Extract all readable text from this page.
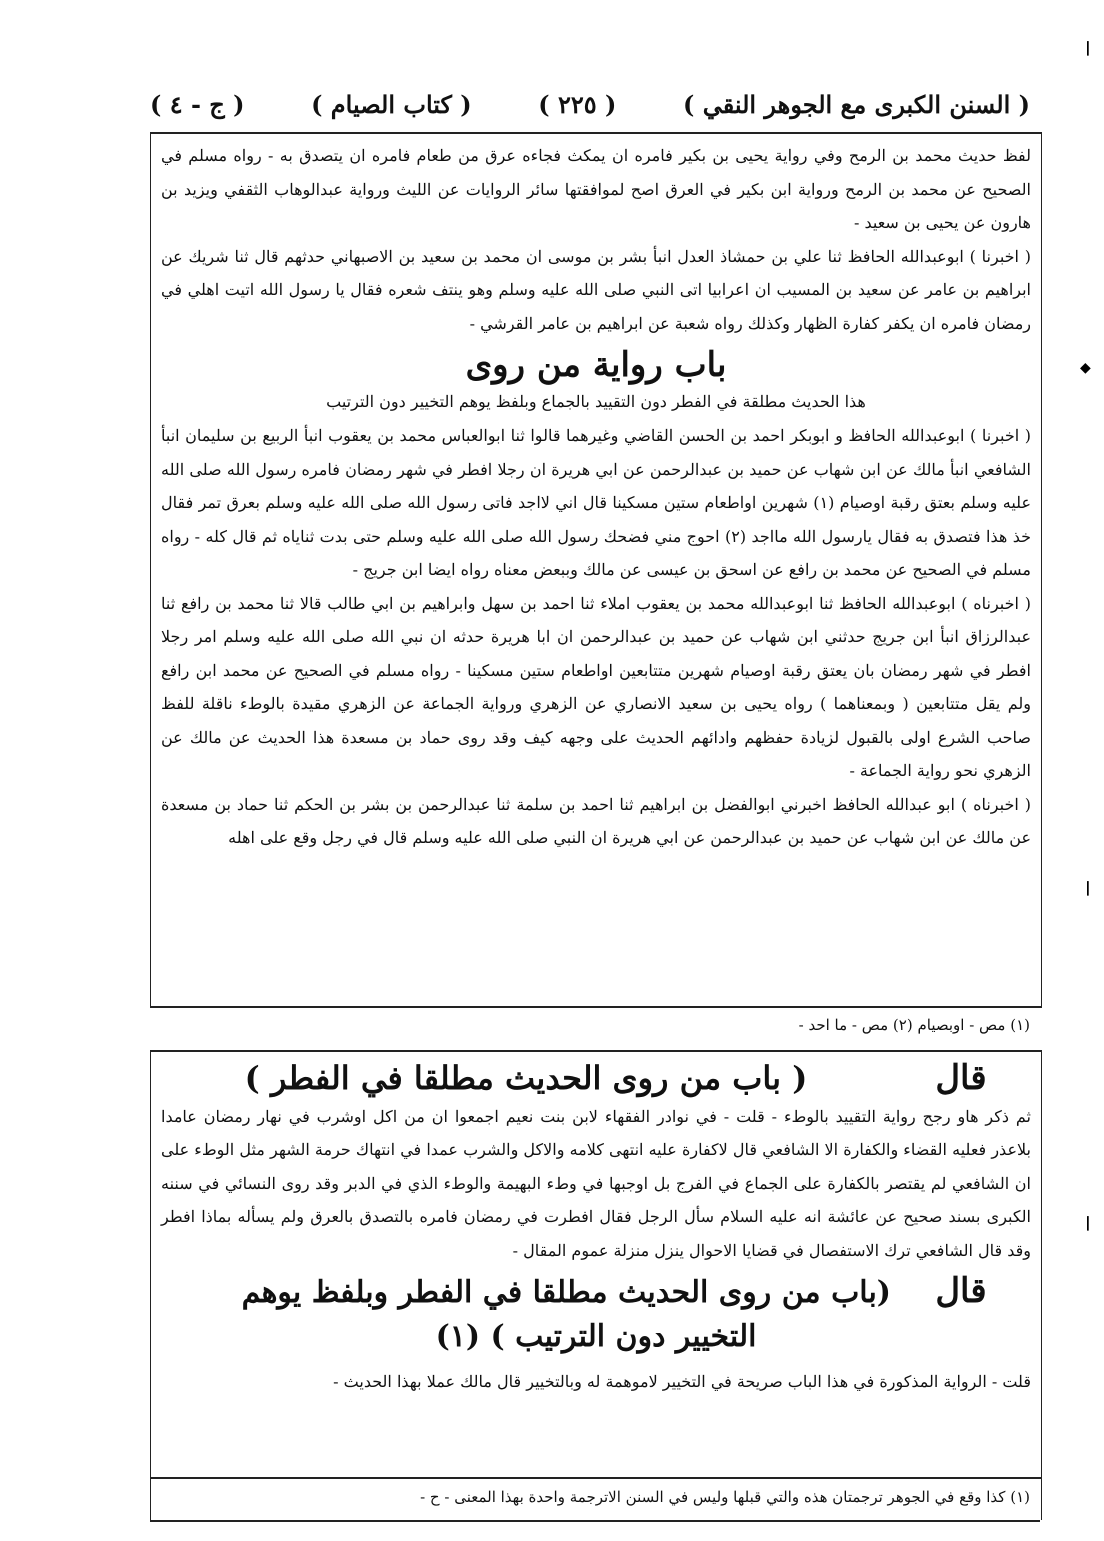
❘
◆
❘
❘
( السنن الكبرى مع الجوهر النقي )
( ٢٢٥ )
( كتاب الصيام )
( ج - ٤ )

لفظ حديث محمد بن الرمح وفي رواية يحيى بن بكير فامره ان يمكث فجاءه عرق من طعام فامره ان يتصدق به - رواه مسلم في الصحيح عن محمد بن الرمح ورواية ابن بكير في العرق اصح لموافقتها سائر الروايات عن الليث ورواية عبدالوهاب الثقفي ويزيد بن هارون عن يحيى بن سعيد -

( اخبرنا ) ابوعبدالله الحافظ ثنا علي بن حمشاذ العدل انبأ بشر بن موسى ان محمد بن سعيد بن الاصبهاني حدثهم قال ثنا شريك عن ابراهيم بن عامر عن سعيد بن المسيب ان اعرابيا اتى النبي صلى الله عليه وسلم وهو ينتف شعره فقال يا رسول الله اتيت اهلي في رمضان فامره ان يكفر كفارة الظهار وكذلك رواه شعبة عن ابراهيم بن عامر القرشي -

باب رواية من روى
هذا الحديث مطلقة في الفطر دون التقييد بالجماع وبلفظ يوهم التخيير دون الترتيب

( اخبرنا ) ابوعبدالله الحافظ و ابوبكر احمد بن الحسن القاضي وغيرهما قالوا ثنا ابوالعباس محمد بن يعقوب انبأ الربيع بن سليمان انبأ الشافعي انبأ مالك عن ابن شهاب عن حميد بن عبدالرحمن عن ابي هريرة ان رجلا افطر في شهر رمضان فامره رسول الله صلى الله عليه وسلم بعتق رقبة اوصيام (١) شهرين اواطعام ستين مسكينا قال اني لااجد فاتى رسول الله صلى الله عليه وسلم بعرق تمر فقال خذ هذا فتصدق به فقال يارسول الله مااجد (٢) احوج مني فضحك رسول الله صلى الله عليه وسلم حتى بدت ثناياه ثم قال كله - رواه مسلم في الصحيح عن محمد بن رافع عن اسحق بن عيسى عن مالك وببعض معناه رواه ايضا ابن جريج -

( اخبرناه ) ابوعبدالله الحافظ ثنا ابوعبدالله محمد بن يعقوب املاء ثنا احمد بن سهل وابراهيم بن ابي طالب قالا ثنا محمد بن رافع ثنا عبدالرزاق انبأ ابن جريج حدثني ابن شهاب عن حميد بن عبدالرحمن ان ابا هريرة حدثه ان نبي الله صلى الله عليه وسلم امر رجلا افطر في شهر رمضان بان يعتق رقبة اوصيام شهرين متتابعين اواطعام ستين مسكينا - رواه مسلم في الصحيح عن محمد ابن رافع ولم يقل متتابعين ( وبمعناهما ) رواه يحيى بن سعيد الانصاري عن الزهري ورواية الجماعة عن الزهري مقيدة بالوطء ناقلة للفظ صاحب الشرع اولى بالقبول لزيادة حفظهم وادائهم الحديث على وجهه كيف وقد روى حماد بن مسعدة هذا الحديث عن مالك عن الزهري نحو رواية الجماعة -

( اخبرناه ) ابو عبدالله الحافظ اخبرني ابوالفضل بن ابراهيم ثنا احمد بن سلمة ثنا عبدالرحمن بن بشر بن الحكم ثنا حماد بن مسعدة عن مالك عن ابن شهاب عن حميد بن عبدالرحمن عن ابي هريرة ان النبي صلى الله عليه وسلم قال في رجل وقع على اهله

(١) مص - اوبصيام (٢) مص - ما احد -
قال
( باب من روى الحديث مطلقا في الفطر )

ثم ذكر هاو رجح رواية التقييد بالوطء - قلت - في نوادر الفقهاء لابن بنت نعيم اجمعوا ان من اكل اوشرب في نهار رمضان عامدا بلاعذر فعليه القضاء والكفارة الا الشافعي قال لاكفارة عليه انتهى كلامه والاكل والشرب عمدا في انتهاك حرمة الشهر مثل الوطء على ان الشافعي لم يقتصر بالكفارة على الجماع في الفرج بل اوجبها في وطء البهيمة والوطء الذي في الدبر وقد روى النسائي في سننه الكبرى بسند صحيح عن عائشة انه عليه السلام سأل الرجل فقال افطرت في رمضان فامره بالتصدق بالعرق ولم يسأله بماذا افطر وقد قال الشافعي ترك الاستفصال في قضايا الاحوال ينزل منزلة عموم المقال -

قال
(باب من روى الحديث مطلقا في الفطر وبلفظ يوهم
التخيير دون الترتيب ) (١)

قلت - الرواية المذكورة في هذا الباب صريحة في التخيير لاموهمة له وبالتخيير قال مالك عملا بهذا الحديث -

(١) كذا وقع في الجوهر ترجمتان هذه والتي قبلها وليس في السنن الاترجمة واحدة بهذا المعنى - ح -
